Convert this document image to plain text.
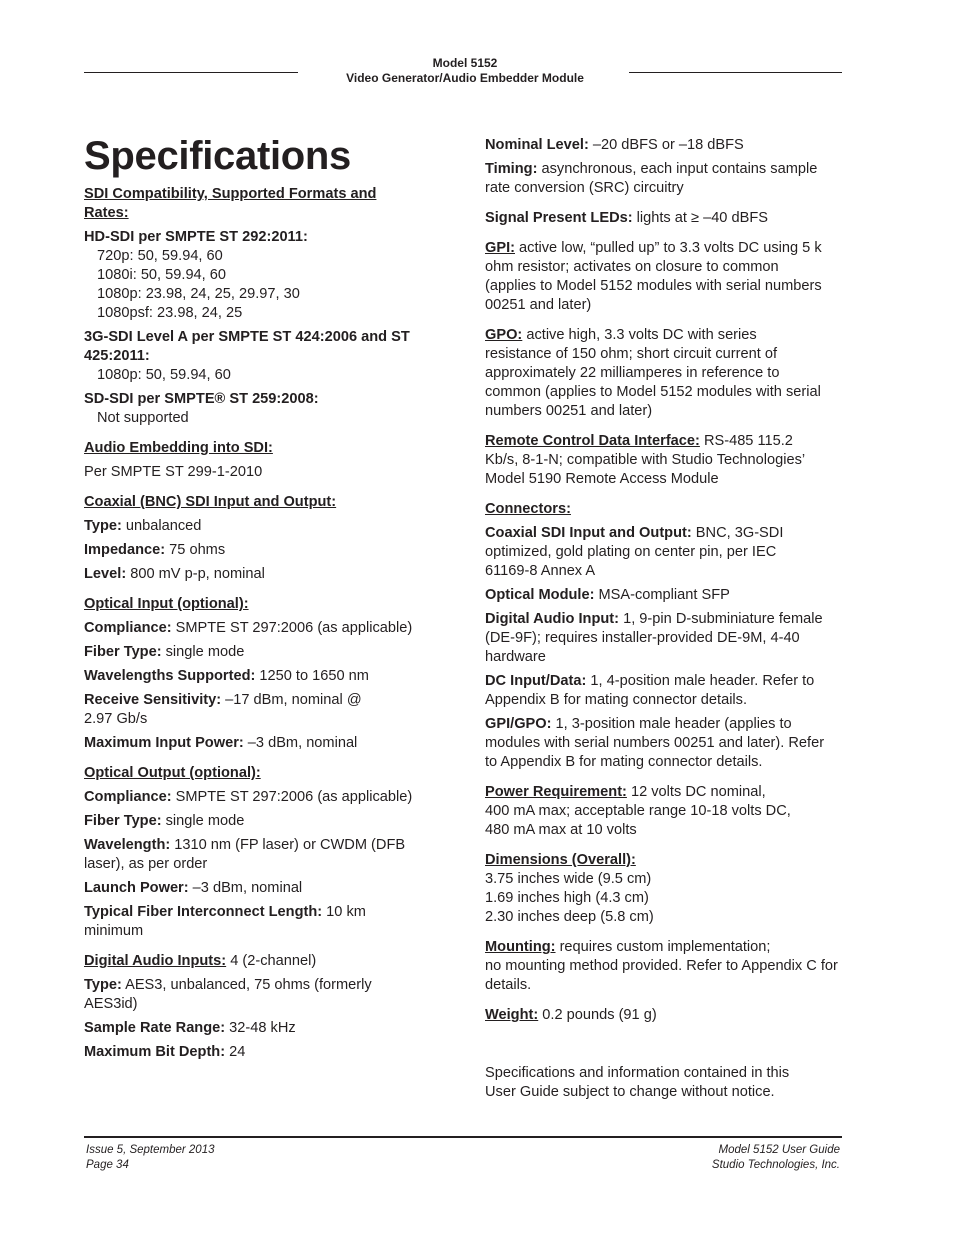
Model 5152
Video Generator/Audio Embedder Module
Specifications

SDI Compatibility, Supported Formats and Rates:

HD-SDI per SMPTE ST 292:2011:

720p: 50, 59.94, 60

1080i: 50, 59.94, 60

1080p: 23.98, 24, 25, 29.97, 30

1080psf: 23.98, 24, 25

3G-SDI Level A per SMPTE ST 424:2006 and ST 425:2011:

1080p: 50, 59.94, 60

SD-SDI per SMPTE® ST 259:2008:

Not supported

Audio Embedding into SDI:

Per SMPTE ST 299-1-2010

Coaxial (BNC) SDI Input and Output:

Type: unbalanced

Impedance: 75 ohms

Level: 800 mV p-p, nominal

Optical Input (optional):

Compliance: SMPTE ST 297:2006 (as applicable)

Fiber Type: single mode

Wavelengths Supported: 1250 to 1650 nm

Receive Sensitivity: –17 dBm, nominal @ 2.97 Gb/s

Maximum Input Power: –3 dBm, nominal

Optical Output (optional):

Compliance: SMPTE ST 297:2006 (as applicable)

Fiber Type: single mode

Wavelength: 1310 nm (FP laser) or CWDM (DFB laser), as per order

Launch Power: –3 dBm, nominal

Typical Fiber Interconnect Length: 10 km minimum

Digital Audio Inputs: 4 (2-channel)

Type: AES3, unbalanced, 75 ohms (formerly AES3id)

Sample Rate Range: 32-48 kHz

Maximum Bit Depth: 24

Nominal Level: –20 dBFS or –18 dBFS

Timing: asynchronous, each input contains sample rate conversion (SRC) circuitry

Signal Present LEDs: lights at ≥ –40 dBFS

GPI: active low, “pulled up” to 3.3 volts DC using 5 k ohm resistor; activates on closure to common (applies to Model 5152 modules with serial numbers 00251 and later)

GPO: active high, 3.3 volts DC with series resistance of 150 ohm; short circuit current of approximately 22 milliamperes in reference to common (applies to Model 5152 modules with serial numbers 00251 and later)

Remote Control Data Interface: RS-485 115.2 Kb/s, 8-1-N; compatible with Studio Technologies’ Model 5190 Remote Access Module

Connectors:

Coaxial SDI Input and Output: BNC, 3G-SDI optimized, gold plating on center pin, per IEC 61169-8 Annex A

Optical Module: MSA-compliant SFP

Digital Audio Input: 1, 9-pin D-subminiature female (DE-9F); requires installer-provided DE-9M, 4-40 hardware

DC Input/Data: 1, 4-position male header. Refer to Appendix B for mating connector details.

GPI/GPO: 1, 3-position male header (applies to modules with serial numbers 00251 and later). Refer to Appendix B for mating connector details.

Power Requirement: 12 volts DC nominal,

400 mA max; acceptable range 10-18 volts DC,

480 mA max at 10 volts

Dimensions (Overall):

3.75 inches wide (9.5 cm)

1.69 inches high (4.3 cm)

2.30 inches deep (5.8 cm)

Mounting: requires custom implementation;

no mounting method provided. Refer to Appendix C for details.

Weight: 0.2 pounds (91 g)

Specifications and information contained in this User Guide subject to change without notice.

Issue 5, September 2013
Page 34
Model 5152 User Guide
Studio Technologies, Inc.
